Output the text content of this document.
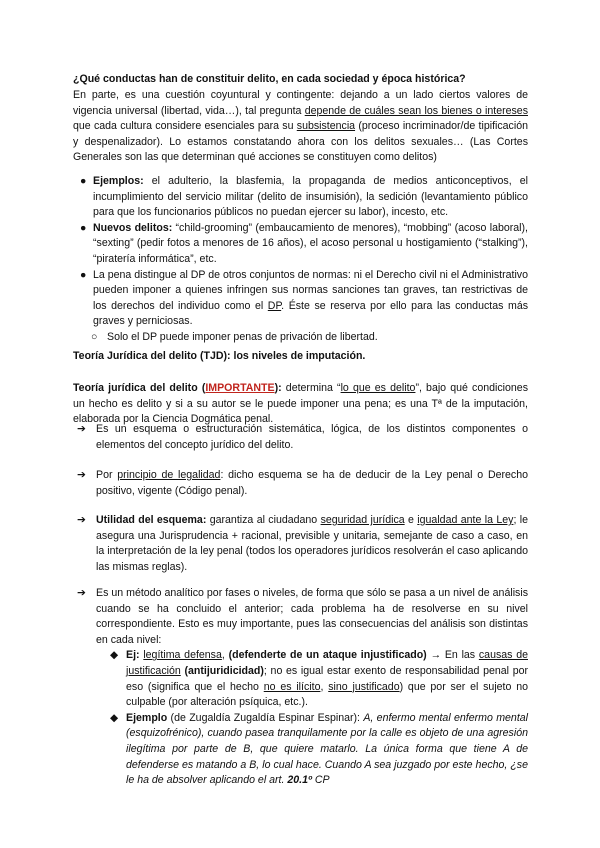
¿Qué conductas han de constituir delito, en cada sociedad y época histórica?

En parte, es una cuestión coyuntural y contingente: dejando a un lado ciertos valores de vigencia universal (libertad, vida…), tal pregunta depende de cuáles sean los bienes o intereses que cada cultura considere esenciales para su subsistencia (proceso incriminador/de tipificación y despenalizador). Lo estamos constatando ahora con los delitos sexuales… (Las Cortes Generales son las que determinan qué acciones se constituyen como delitos)

● Ejemplos: el adulterio, la blasfemia, la propaganda de medios anticonceptivos, el incumplimiento del servicio militar (delito de insumisión), la sedición (levantamiento público para que los funcionarios públicos no puedan ejercer su labor), incesto, etc.
● Nuevos delitos: “child-grooming” (embaucamiento de menores), “mobbing” (acoso laboral), “sexting” (pedir fotos a menores de 16 años), el acoso personal u hostigamiento (“stalking”), “piratería informática”, etc.
● La pena distingue al DP de otros conjuntos de normas: ni el Derecho civil ni el Administrativo pueden imponer a quienes infringen sus normas sanciones tan graves, tan restrictivas de los derechos del individuo como el DP. Éste se reserva por ello para las conductas más graves y perniciosas.
○ Solo el DP puede imponer penas de privación de libertad.

Teoría Jurídica del delito (TJD): los niveles de imputación.

Teoría jurídica del delito (IMPORTANTE): determina “lo que es delito”, bajo qué condiciones un hecho es delito y si a su autor se le puede imponer una pena; es una Tª de la imputación, elaborada por la Ciencia Dogmática penal.

➔ Es un esquema o estructuración sistemática, lógica, de los distintos componentes o elementos del concepto jurídico del delito.
➔ Por principio de legalidad: dicho esquema se ha de deducir de la Ley penal o Derecho positivo, vigente (Código penal).
➔ Utilidad del esquema: garantiza al ciudadano seguridad jurídica e igualdad ante la Ley; le asegura una Jurisprudencia + racional, previsible y unitaria, semejante de caso a caso, en la interpretación de la ley penal (todos los operadores jurídicos resolverán el caso aplicando las mismas reglas).
➔ Es un método analítico por fases o niveles, de forma que sólo se pasa a un nivel de análisis cuando se ha concluido el anterior; cada problema ha de resolverse en su nivel correspondiente. Esto es muy importante, pues las consecuencias del análisis son distintas en cada nivel:
◆ Ej: legítima defensa, (defenderte de un ataque injustificado) → En las causas de justificación (antijuridicidad); no es igual estar exento de responsabilidad penal por eso (significa que el hecho no es ilícito, sino justificado) que por ser el sujeto no culpable (por alteración psíquica, etc.).
◆ Ejemplo (de Zugaldía Zugaldía Espinar Espinar): A, enfermo mental enfermo mental (esquizofrénico), cuando pasea tranquilamente por la calle es objeto de una agresión ilegítima por parte de B, que quiere matarlo. La única forma que tiene A de defenderse es matando a B, lo cual hace. Cuando A sea juzgado por este hecho, ¿se le ha de absolver aplicando el art. 20.1º CP
